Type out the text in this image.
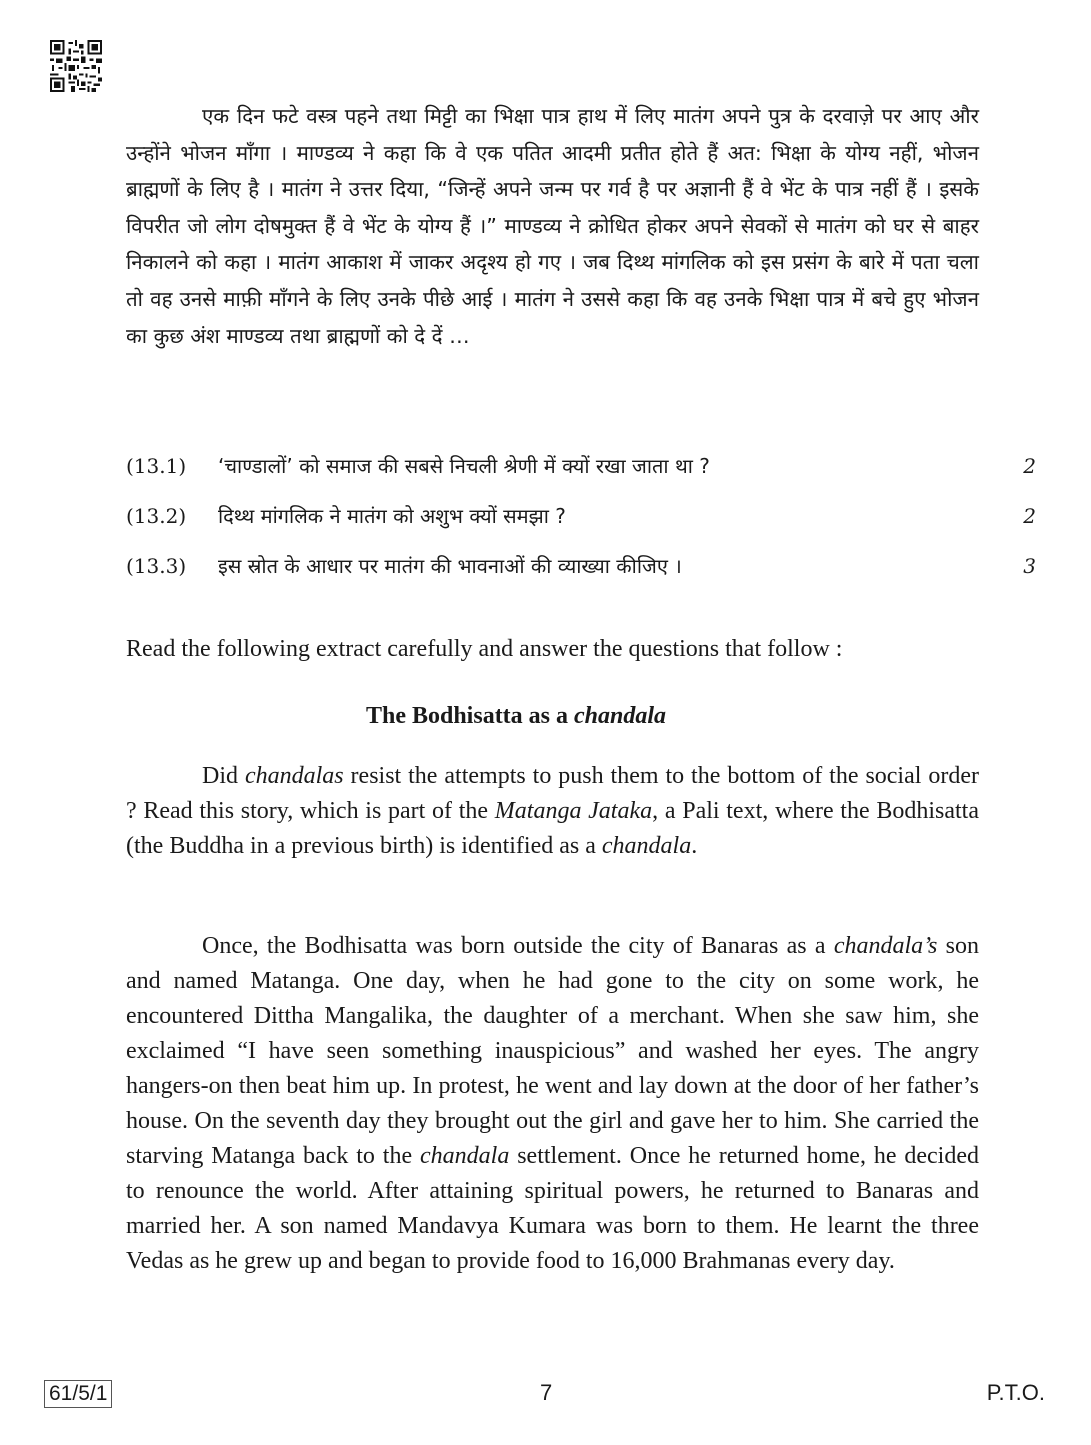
एक दिन फटे वस्त्र पहने तथा मिट्टी का भिक्षा पात्र हाथ में लिए मातंग अपने पुत्र के दरवाज़े पर आए और उन्होंने भोजन माँगा । माण्डव्य ने कहा कि वे एक पतित आदमी प्रतीत होते हैं अत: भिक्षा के योग्य नहीं, भोजन ब्राह्मणों के लिए है । मातंग ने उत्तर दिया, “जिन्हें अपने जन्म पर गर्व है पर अज्ञानी हैं वे भेंट के पात्र नहीं हैं । इसके विपरीत जो लोग दोषमुक्त हैं वे भेंट के योग्य हैं ।” माण्डव्य ने क्रोधित होकर अपने सेवकों से मातंग को घर से बाहर निकालने को कहा । मातंग आकाश में जाकर अदृश्य हो गए । जब दिथ्थ मांगलिक को इस प्रसंग के बारे में पता चला तो वह उनसे माफ़ी माँगने के लिए उनके पीछे आई । मातंग ने उससे कहा कि वह उनके भिक्षा पात्र में बचे हुए भोजन का कुछ अंश माण्डव्य तथा ब्राह्मणों को दे दें …

(13.1) ‘चाण्डालों’ को समाज की सबसे निचली श्रेणी में क्यों रखा जाता था ?	2
(13.2) दिथ्थ मांगलिक ने मातंग को अशुभ क्यों समझा ?	2
(13.3) इस स्रोत के आधार पर मातंग की भावनाओं की व्याख्या कीजिए ।	3

Read the following extract carefully and answer the questions that follow :

The Bodhisatta as a chandala

Did chandalas resist the attempts to push them to the bottom of the social order ? Read this story, which is part of the Matanga Jataka, a Pali text, where the Bodhisatta (the Buddha in a previous birth) is identified as a chandala.

Once, the Bodhisatta was born outside the city of Banaras as a chandala’s son and named Matanga. One day, when he had gone to the city on some work, he encountered Dittha Mangalika, the daughter of a merchant. When she saw him, she exclaimed “I have seen something inauspicious” and washed her eyes. The angry hangers-on then beat him up. In protest, he went and lay down at the door of her father’s house. On the seventh day they brought out the girl and gave her to him. She carried the starving Matanga back to the chandala settlement. Once he returned home, he decided to renounce the world. After attaining spiritual powers, he returned to Banaras and married her. A son named Mandavya Kumara was born to them. He learnt the three Vedas as he grew up and began to provide food to 16,000 Brahmanas every day.

61/5/1	7	P.T.O.
